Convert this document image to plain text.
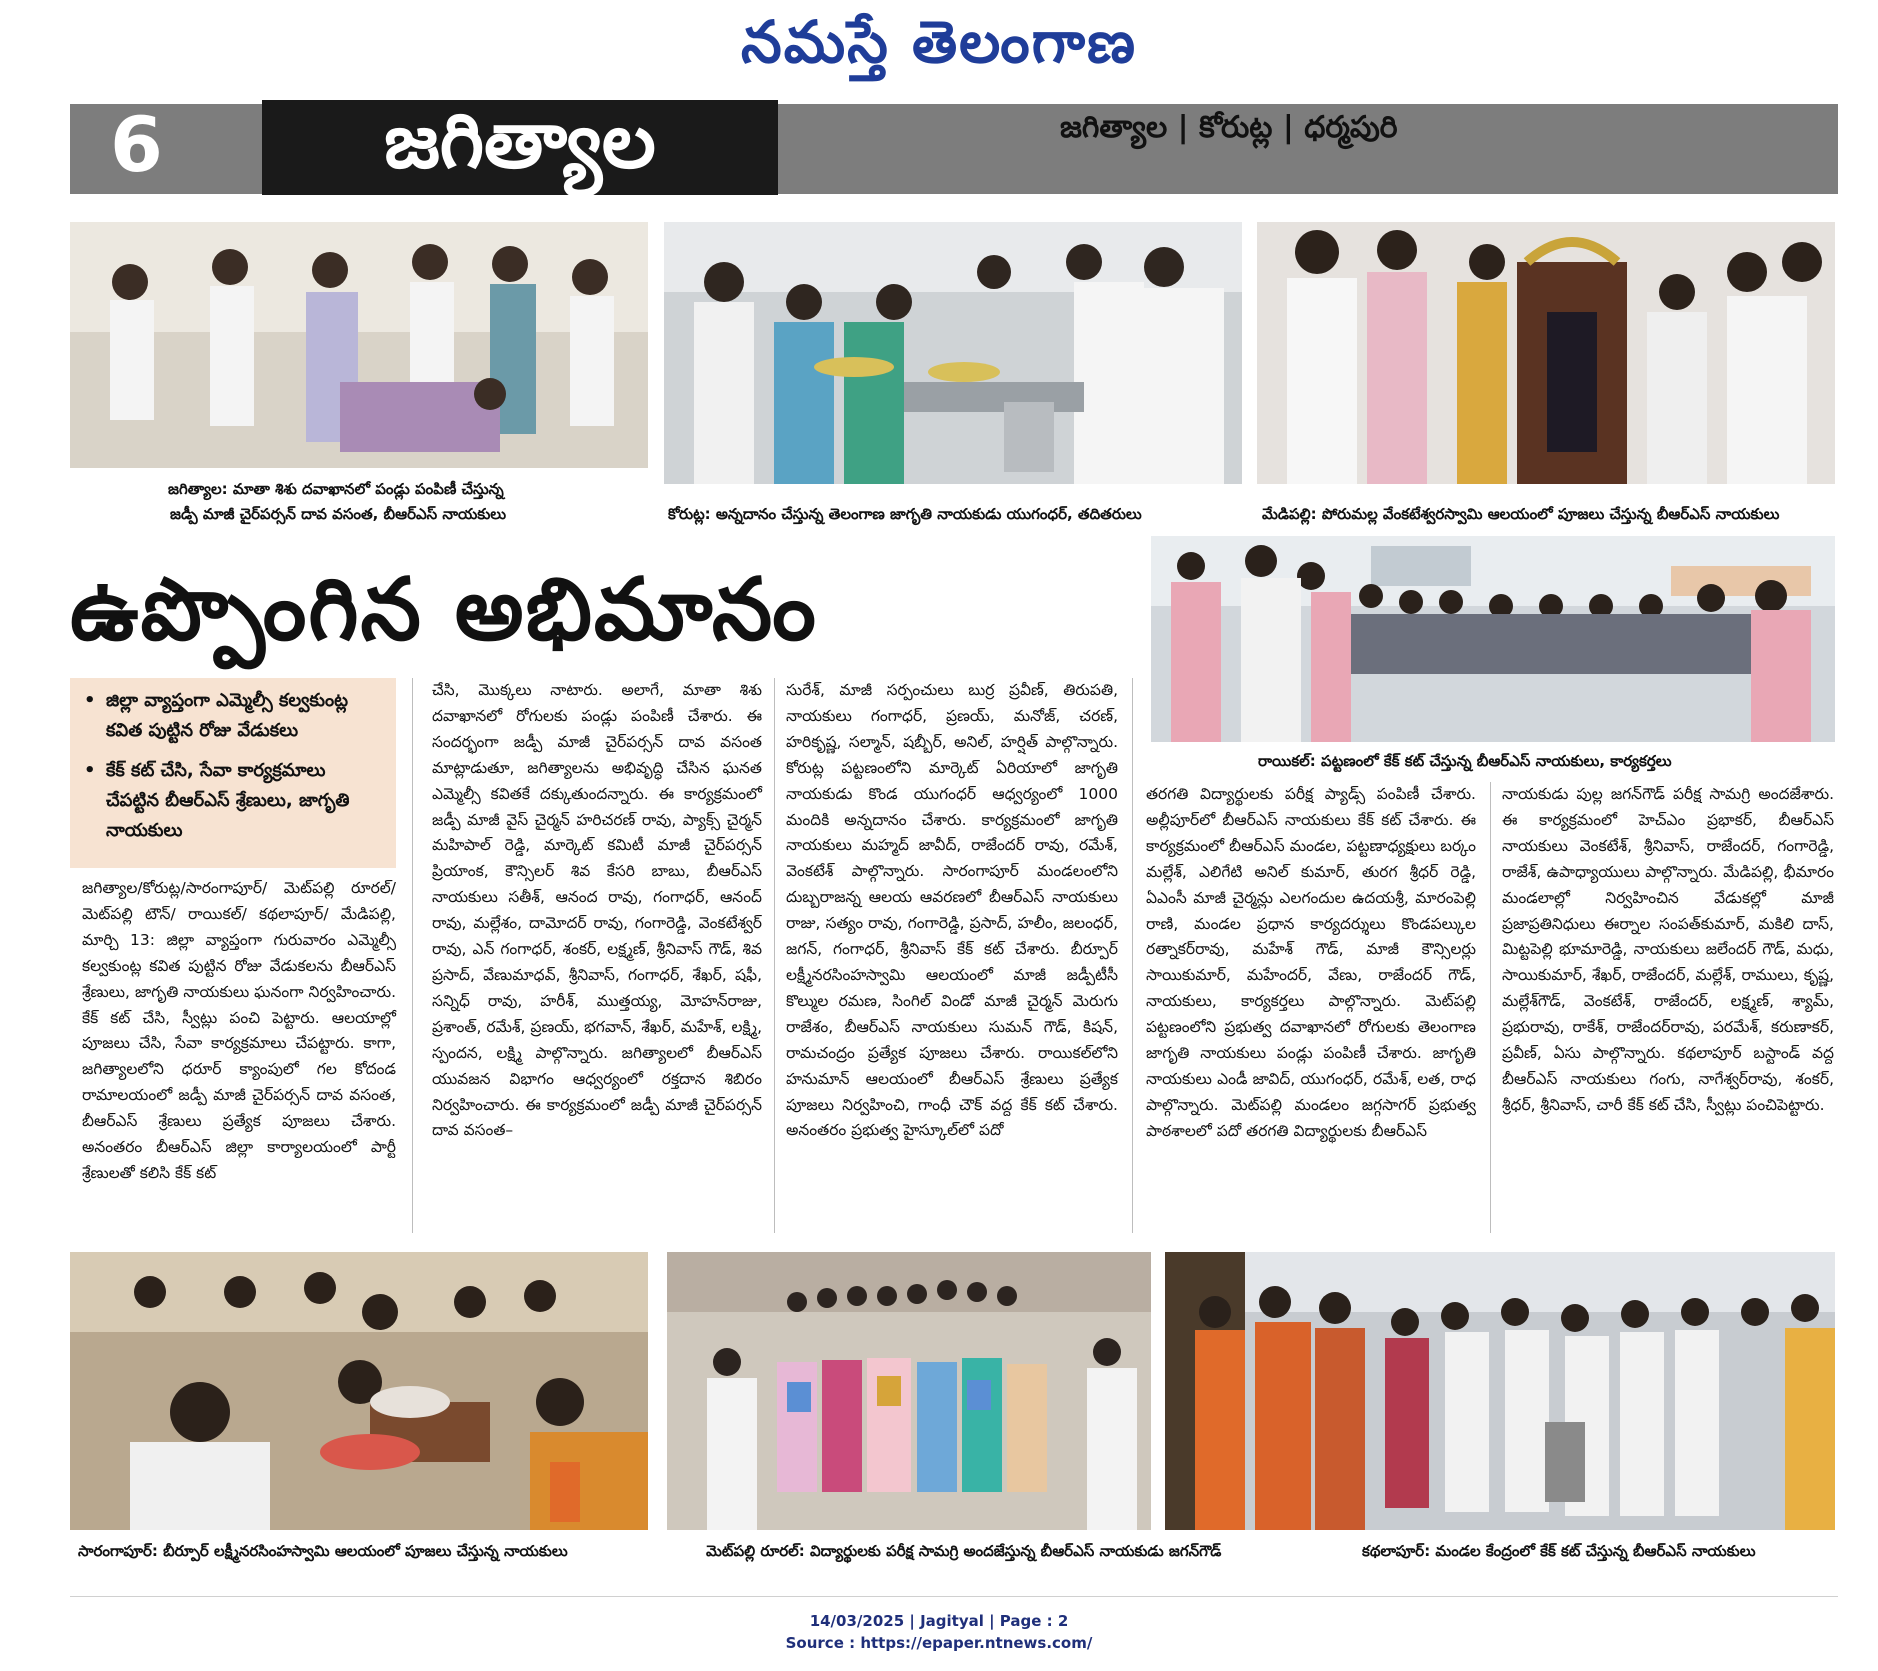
నమస్తే తెలంగాణ
6	జగిత్యాల	జగిత్యాల | కోరుట్ల | ధర్మపురి
జగిత్యాల: మాతా శిశు దవాఖానలో పండ్లు పంపిణీ చేస్తున్న
జడ్పీ మాజీ చైర్‌పర్సన్ దావ వసంత, బీఆర్ఎస్ నాయకులు	కోరుట్ల: అన్నదానం చేస్తున్న తెలంగాణ జాగృతి నాయకుడు యుగంధర్, తదితరులు	మేడిపల్లి: పోరుమల్ల వేంకటేశ్వరస్వామి ఆలయంలో పూజలు చేస్తున్న బీఆర్ఎస్ నాయకులు
ఉప్పొంగిన అభిమానం
రాయికల్: పట్టణంలో కేక్ కట్ చేస్తున్న బీఆర్ఎస్ నాయకులు, కార్యకర్తలు
• జిల్లా వ్యాప్తంగా ఎమ్మెల్సీ కల్వకుంట్ల కవిత పుట్టిన రోజు వేడుకలు
• కేక్ కట్ చేసి, సేవా కార్యక్రమాలు చేపట్టిన బీఆర్ఎస్ శ్రేణులు, జాగృతి నాయకులు

జగిత్యాల/కోరుట్ల/సారంగాపూర్/ మెట్‌పల్లి రూరల్/ మెట్‌పల్లి టౌన్/ రాయికల్/ కథలాపూర్/ మేడిపల్లి, మార్చి 13: జిల్లా వ్యాప్తంగా గురువారం ఎమ్మెల్సీ కల్వకుంట్ల కవిత పుట్టిన రోజు వేడుకలను బీఆర్ఎస్ శ్రేణులు, జాగృతి నాయకులు ఘనంగా నిర్వహించారు. కేక్ కట్ చేసి, స్వీట్లు పంచి పెట్టారు. ఆలయాల్లో పూజలు చేసి, సేవా కార్యక్రమాలు చేపట్టారు. కాగా, జగిత్యాలలోని ధరూర్ క్యాంపులో గల కోదండ రామాలయంలో జడ్పీ మాజీ చైర్‌పర్సన్ దావ వసంత, బీఆర్ఎస్ శ్రేణులు ప్రత్యేక పూజలు చేశారు. అనంతరం బీఆర్ఎస్ జిల్లా కార్యాలయంలో పార్టీ శ్రేణులతో కలిసి కేక్ కట్

చేసి, మొక్కలు నాటారు. అలాగే, మాతా శిశు దవాఖానలో రోగులకు పండ్లు పంపిణీ చేశారు. ఈ సందర్భంగా జడ్పీ మాజీ చైర్‌పర్సన్ దావ వసంత మాట్లాడుతూ, జగిత్యాలను అభివృద్ధి చేసిన ఘనత ఎమ్మెల్సీ కవితకే దక్కుతుందన్నారు. ఈ కార్యక్రమంలో జడ్పీ మాజీ వైస్ చైర్మన్ హరిచరణ్ రావు, ప్యాక్స్ చైర్మన్ మహిపాల్ రెడ్డి, మార్కెట్ కమిటీ మాజీ చైర్‌పర్సన్ ప్రియాంక, కౌన్సిలర్ శివ కేసరి బాబు, బీఆర్ఎస్ నాయకులు సతీశ్, ఆనంద రావు, గంగాధర్, ఆనంద్ రావు, మల్లేశం, దామోదర్ రావు, గంగారెడ్డి, వెంకటేశ్వర్ రావు, ఎన్ గంగాధర్, శంకర్, లక్ష్మణ్, శ్రీనివాస్ గౌడ్, శివ ప్రసాద్, వేణుమాధవ్, శ్రీనివాస్, గంగాధర్, శేఖర్, షఫీ, సన్నిధ్ రావు, హరీశ్, ముత్తయ్య, మోహన్‌రాజు, ప్రశాంత్, రమేశ్, ప్రణయ్, భగవాన్, శేఖర్, మహేశ్, లక్ష్మి, స్పందన, లక్ష్మి పాల్గొన్నారు. జగిత్యాలలో బీఆర్ఎస్ యువజన విభాగం ఆధ్వర్యంలో రక్తదాన శిబిరం నిర్వహించారు. ఈ కార్యక్రమంలో జడ్పీ మాజీ చైర్‌పర్సన్ దావ వసంత–

సురేశ్, మాజీ సర్పంచులు బుర్ర ప్రవీణ్, తిరుపతి, నాయకులు గంగాధర్, ప్రణయ్, మనోజ్, చరణ్, హరికృష్ణ, సల్మాన్, షబ్బీర్, అనిల్, హర్షిత్ పాల్గొన్నారు. కోరుట్ల పట్టణంలోని మార్కెట్ ఏరియాలో జాగృతి నాయకుడు కొండ యుగంధర్ ఆధ్వర్యంలో 1000 మందికి అన్నదానం చేశారు. కార్యక్రమంలో జాగృతి నాయకులు మహ్మద్ జావీద్, రాజేందర్ రావు, రమేశ్, వెంకటేశ్ పాల్గొన్నారు. సారంగాపూర్ మండలంలోని దుబ్బరాజన్న ఆలయ ఆవరణలో బీఆర్ఎస్ నాయకులు రాజు, సత్యం రావు, గంగారెడ్డి, ప్రసాద్, హలీం, జలంధర్, జగన్, గంగాధర్, శ్రీనివాస్ కేక్ కట్ చేశారు. బీర్పూర్ లక్ష్మీనరసింహస్వామి ఆలయంలో మాజీ జడ్పీటీసీ కొల్ముల రమణ, సింగిల్ విండో మాజీ చైర్మన్ మెరుగు రాజేశం, బీఆర్ఎస్ నాయకులు సుమన్ గౌడ్, కిషన్, రామచంద్రం ప్రత్యేక పూజలు చేశారు. రాయికల్‌లోని హనుమాన్ ఆలయంలో బీఆర్ఎస్ శ్రేణులు ప్రత్యేక పూజలు నిర్వహించి, గాంధీ చౌక్ వద్ద కేక్ కట్ చేశారు. అనంతరం ప్రభుత్వ హైస్కూల్‌లో పదో

తరగతి విద్యార్థులకు పరీక్ష ప్యాడ్స్ పంపిణీ చేశారు. అల్లీపూర్‌లో బీఆర్ఎస్ నాయకులు కేక్ కట్ చేశారు. ఈ కార్యక్రమంలో బీఆర్ఎస్ మండల, పట్టణాధ్యక్షులు బర్కం మల్లేశ్, ఎలిగేటి అనిల్ కుమార్, తురగ శ్రీధర్ రెడ్డి, ఏఎంసీ మాజీ చైర్మన్లు ఎలగందుల ఉదయశ్రీ, మారంపెల్లి రాణి, మండల ప్రధాన కార్యదర్శులు కొండపల్కుల రత్నాకర్‌రావు, మహేశ్ గౌడ్, మాజీ కౌన్సిలర్లు సాయికుమార్, మహేందర్, వేణు, రాజేందర్ గౌడ్, నాయకులు, కార్యకర్తలు పాల్గొన్నారు. మెట్‌పల్లి పట్టణంలోని ప్రభుత్వ దవాఖానలో రోగులకు తెలంగాణ జాగృతి నాయకులు పండ్లు పంపిణీ చేశారు. జాగృతి నాయకులు ఎండీ జావిద్, యుగంధర్, రమేశ్, లత, రాధ పాల్గొన్నారు. మెట్‌పల్లి మండలం జగ్గసాగర్ ప్రభుత్వ పాఠశాలలో పదో తరగతి విద్యార్థులకు బీఆర్ఎస్

నాయకుడు పుల్ల జగన్‌గౌడ్ పరీక్ష సామగ్రి అందజేశారు. ఈ కార్యక్రమంలో హెచ్ఎం ప్రభాకర్, బీఆర్ఎస్ నాయకులు వెంకటేశ్, శ్రీనివాస్, రాజేందర్, గంగారెడ్డి, రాజేశ్, ఉపాధ్యాయులు పాల్గొన్నారు. మేడిపల్లి, భీమారం మండలాల్లో నిర్వహించిన వేడుకల్లో మాజీ ప్రజాప్రతినిధులు ఈర్నాల సంపత్‌కుమార్, మకిలి దాస్, మిట్టపెల్లి భూమారెడ్డి, నాయకులు జలేందర్ గౌడ్, మధు, సాయికుమార్, శేఖర్, రాజేందర్, మల్లేశ్, రాములు, కృష్ణ, మల్లేశ్‌గౌడ్, వెంకటేశ్, రాజేందర్, లక్ష్మణ్, శ్యామ్, ప్రభురావు, రాకేశ్, రాజేందర్‌రావు, పరమేశ్, కరుణాకర్, ప్రవీణ్, ఏసు పాల్గొన్నారు. కథలాపూర్ బస్టాండ్ వద్ద బీఆర్ఎస్ నాయకులు గంగు, నాగేశ్వర్‌రావు, శంకర్, శ్రీధర్, శ్రీనివాస్, చారీ కేక్ కట్ చేసి, స్వీట్లు పంచిపెట్టారు.

సారంగాపూర్: బీర్పూర్ లక్ష్మీనరసింహస్వామి ఆలయంలో పూజలు చేస్తున్న నాయకులు	మెట్‌పల్లి రూరల్: విద్యార్థులకు పరీక్ష సామగ్రి అందజేస్తున్న బీఆర్ఎస్ నాయకుడు జగన్‌గౌడ్	కథలాపూర్: మండల కేంద్రంలో కేక్ కట్ చేస్తున్న బీఆర్ఎస్ నాయకులు
14/03/2025 | Jagityal | Page : 2
Source : https://epaper.ntnews.com/
